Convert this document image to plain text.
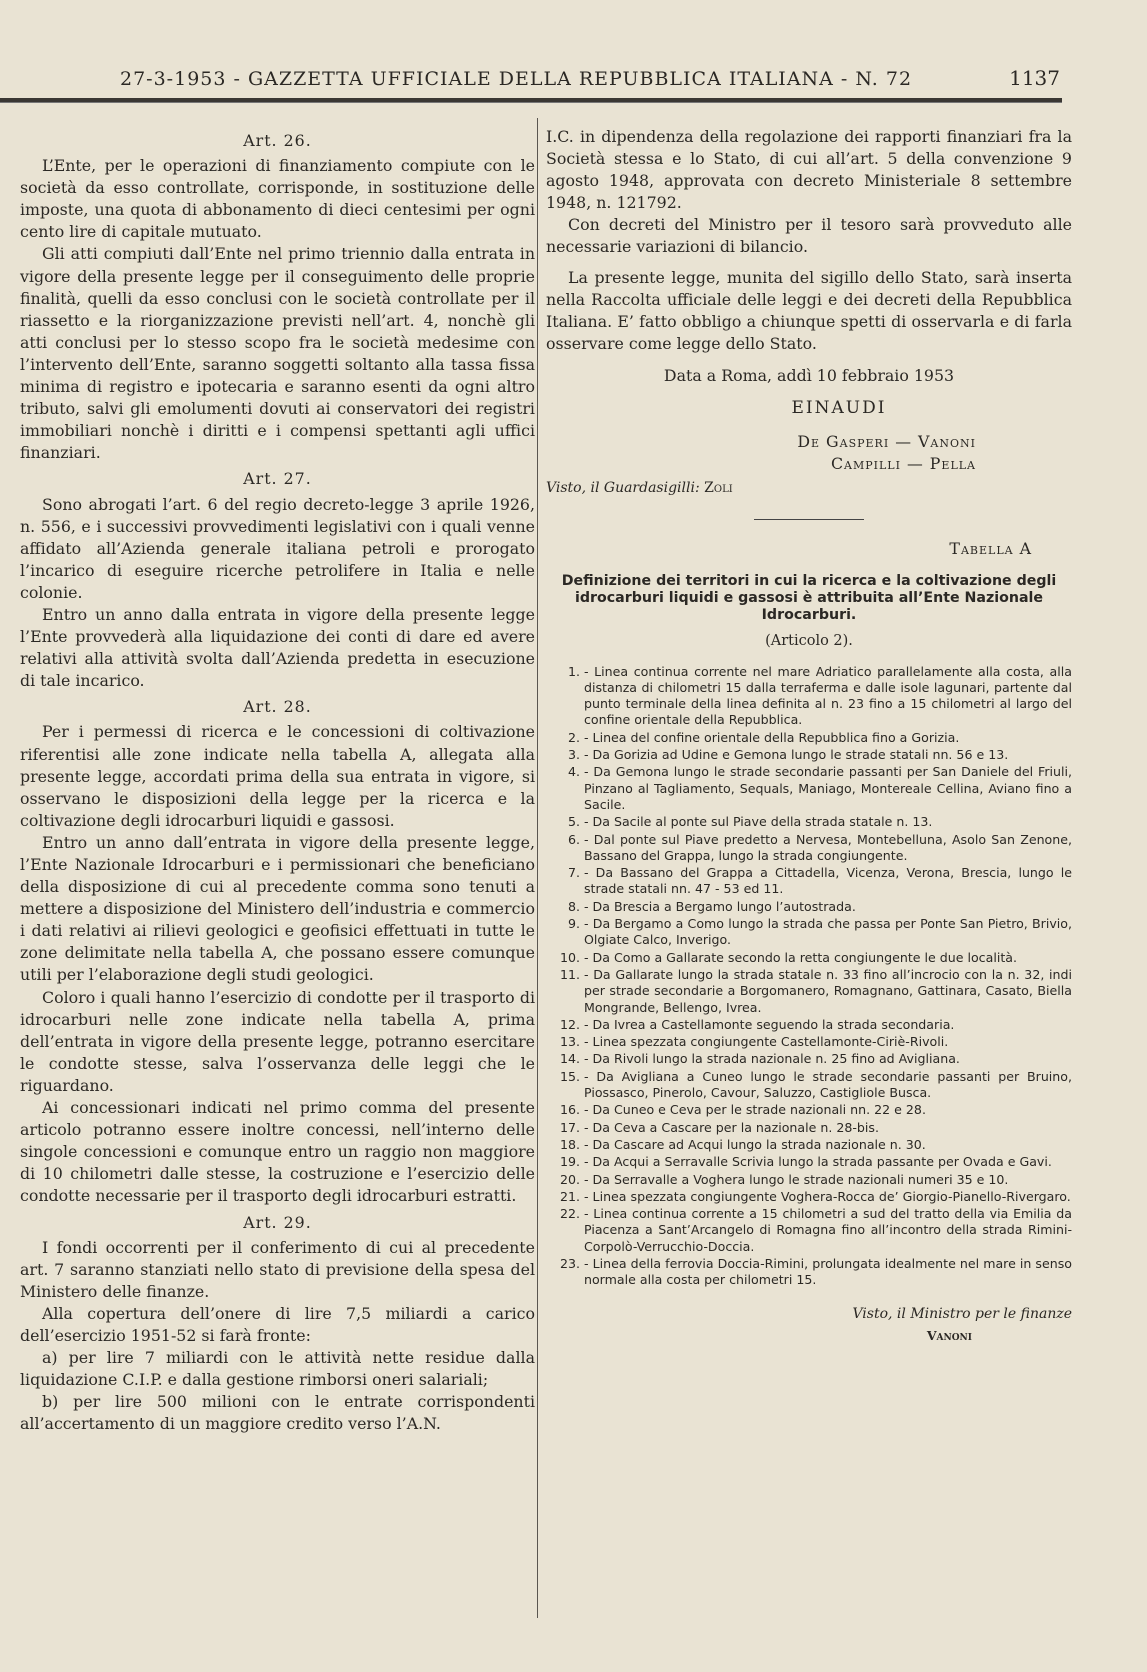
27-3-1953 - GAZZETTA UFFICIALE DELLA REPUBBLICA ITALIANA - N. 72	1137
Art. 26.

L’Ente, per le operazioni di finanziamento compiute con le società da esso controllate, corrisponde, in sostituzione delle imposte, una quota di abbonamento di dieci centesimi per ogni cento lire di capitale mutuato.

Gli atti compiuti dall’Ente nel primo triennio dalla entrata in vigore della presente legge per il conseguimento delle proprie finalità, quelli da esso conclusi con le società controllate per il riassetto e la riorganizzazione previsti nell’art. 4, nonchè gli atti conclusi per lo stesso scopo fra le società medesime con l’intervento dell’Ente, saranno soggetti soltanto alla tassa fissa minima di registro e ipotecaria e saranno esenti da ogni altro tributo, salvi gli emolumenti dovuti ai conservatori dei registri immobiliari nonchè i diritti e i compensi spettanti agli uffici finanziari.

Art. 27.

Sono abrogati l’art. 6 del regio decreto-legge 3 aprile 1926, n. 556, e i successivi provvedimenti legislativi con i quali venne affidato all’Azienda generale italiana petroli e prorogato l’incarico di eseguire ricerche petrolifere in Italia e nelle colonie.

Entro un anno dalla entrata in vigore della presente legge l’Ente provvederà alla liquidazione dei conti di dare ed avere relativi alla attività svolta dall’Azienda predetta in esecuzione di tale incarico.

Art. 28.

Per i permessi di ricerca e le concessioni di coltivazione riferentisi alle zone indicate nella tabella A, allegata alla presente legge, accordati prima della sua entrata in vigore, si osservano le disposizioni della legge per la ricerca e la coltivazione degli idrocarburi liquidi e gassosi.

Entro un anno dall’entrata in vigore della presente legge, l’Ente Nazionale Idrocarburi e i permissionari che beneficiano della disposizione di cui al precedente comma sono tenuti a mettere a disposizione del Ministero dell’industria e commercio i dati relativi ai rilievi geologici e geofisici effettuati in tutte le zone delimitate nella tabella A, che possano essere comunque utili per l’elaborazione degli studi geologici.

Coloro i quali hanno l’esercizio di condotte per il trasporto di idrocarburi nelle zone indicate nella tabella A, prima dell’entrata in vigore della presente legge, potranno esercitare le condotte stesse, salva l’osservanza delle leggi che le riguardano.

Ai concessionari indicati nel primo comma del presente articolo potranno essere inoltre concessi, nell’interno delle singole concessioni e comunque entro un raggio non maggiore di 10 chilometri dalle stesse, la costruzione e l’esercizio delle condotte necessarie per il trasporto degli idrocarburi estratti.

Art. 29.

I fondi occorrenti per il conferimento di cui al precedente art. 7 saranno stanziati nello stato di previsione della spesa del Ministero delle finanze.

Alla copertura dell’onere di lire 7,5 miliardi a carico dell’esercizio 1951-52 si farà fronte:

a) per lire 7 miliardi con le attività nette residue dalla liquidazione C.I.P. e dalla gestione rimborsi oneri salariali;

b) per lire 500 milioni con le entrate corrispondenti all’accertamento di un maggiore credito verso l’A.N.

I.C. in dipendenza della regolazione dei rapporti finanziari fra la Società stessa e lo Stato, di cui all’art. 5 della convenzione 9 agosto 1948, approvata con decreto Ministeriale 8 settembre 1948, n. 121792.

Con decreti del Ministro per il tesoro sarà provveduto alle necessarie variazioni di bilancio.

La presente legge, munita del sigillo dello Stato, sarà inserta nella Raccolta ufficiale delle leggi e dei decreti della Repubblica Italiana. E’ fatto obbligo a chiunque spetti di osservarla e di farla osservare come legge dello Stato.

Data a Roma, addì 10 febbraio 1953
EINAUDI
De Gasperi — Vanoni
Campilli — Pella
Visto, il Guardasigilli: Zoli
Tabella A
Definizione dei territori in cui la ricerca e la coltivazione degli idrocarburi liquidi e gassosi è attribuita all’Ente Nazionale Idrocarburi.
(Articolo 2).
1. - Linea continua corrente nel mare Adriatico parallelamente alla costa, alla distanza di chilometri 15 dalla terraferma e dalle isole lagunari, partente dal punto terminale della linea definita al n. 23 fino a 15 chilometri al largo del confine orientale della Repubblica.
2. - Linea del confine orientale della Repubblica fino a Gorizia.
3. - Da Gorizia ad Udine e Gemona lungo le strade statali nn. 56 e 13.
4. - Da Gemona lungo le strade secondarie passanti per San Daniele del Friuli, Pinzano al Tagliamento, Sequals, Maniago, Montereale Cellina, Aviano fino a Sacile.
5. - Da Sacile al ponte sul Piave della strada statale n. 13.
6. - Dal ponte sul Piave predetto a Nervesa, Montebelluna, Asolo San Zenone, Bassano del Grappa, lungo la strada congiungente.
7. - Da Bassano del Grappa a Cittadella, Vicenza, Verona, Brescia, lungo le strade statali nn. 47 - 53 ed 11.
8. - Da Brescia a Bergamo lungo l’autostrada.
9. - Da Bergamo a Como lungo la strada che passa per Ponte San Pietro, Brivio, Olgiate Calco, Inverigo.
10. - Da Como a Gallarate secondo la retta congiungente le due località.
11. - Da Gallarate lungo la strada statale n. 33 fino all’incrocio con la n. 32, indi per strade secondarie a Borgomanero, Romagnano, Gattinara, Casato, Biella Mongrande, Bellengo, Ivrea.
12. - Da Ivrea a Castellamonte seguendo la strada secondaria.
13. - Linea spezzata congiungente Castellamonte-Ciriè-Rivoli.
14. - Da Rivoli lungo la strada nazionale n. 25 fino ad Avigliana.
15. - Da Avigliana a Cuneo lungo le strade secondarie passanti per Bruino, Piossasco, Pinerolo, Cavour, Saluzzo, Castigliole Busca.
16. - Da Cuneo e Ceva per le strade nazionali nn. 22 e 28.
17. - Da Ceva a Cascare per la nazionale n. 28-bis.
18. - Da Cascare ad Acqui lungo la strada nazionale n. 30.
19. - Da Acqui a Serravalle Scrivia lungo la strada passante per Ovada e Gavi.
20. - Da Serravalle a Voghera lungo le strade nazionali numeri 35 e 10.
21. - Linea spezzata congiungente Voghera-Rocca de’ Giorgio-Pianello-Rivergaro.
22. - Linea continua corrente a 15 chilometri a sud del tratto della via Emilia da Piacenza a Sant’Arcangelo di Romagna fino all’incontro della strada Rimini-Corpolò-Verrucchio-Doccia.
23. - Linea della ferrovia Doccia-Rimini, prolungata idealmente nel mare in senso normale alla costa per chilometri 15.
Visto, il Ministro per le finanze
Vanoni
